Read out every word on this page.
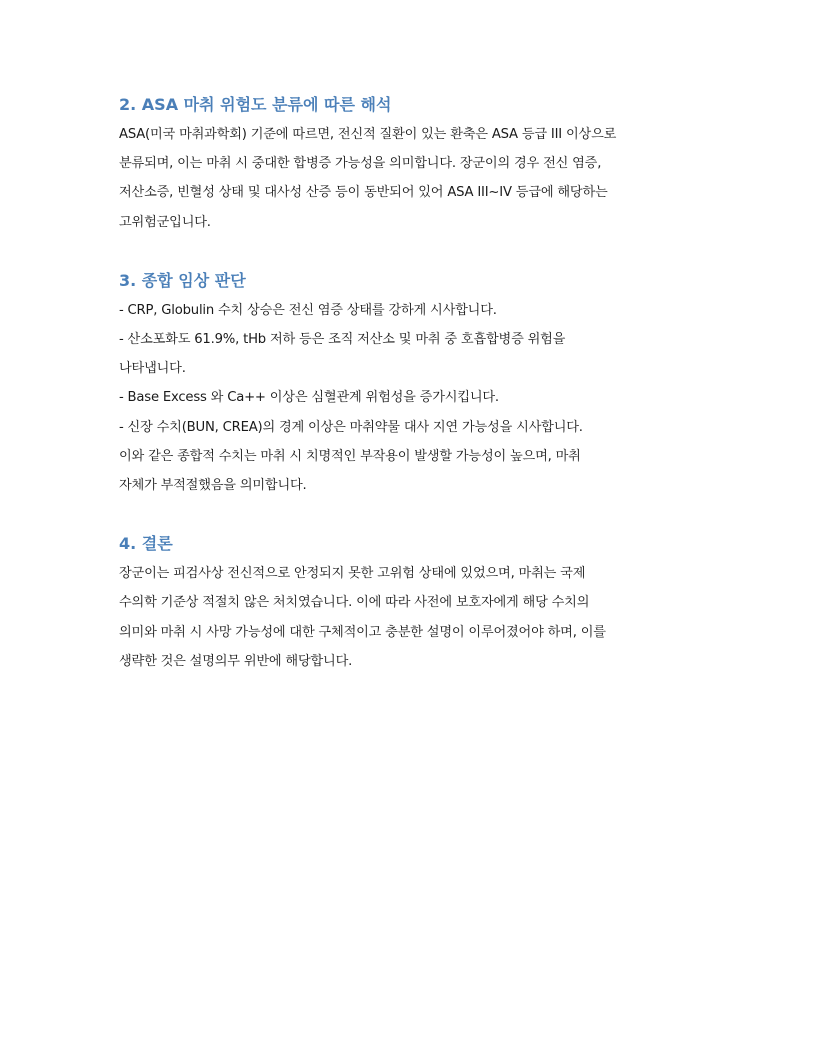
2. ASA 마취 위험도 분류에 따른 해석

ASA(미국 마취과학회) 기준에 따르면, 전신적 질환이 있는 환축은 ASA 등급 III 이상으로

분류되며, 이는 마취 시 중대한 합병증 가능성을 의미합니다. 장군이의 경우 전신 염증,

저산소증, 빈혈성 상태 및 대사성 산증 등이 동반되어 있어 ASA III~IV 등급에 해당하는

고위험군입니다.

3. 종합 임상 판단

- CRP, Globulin 수치 상승은 전신 염증 상태를 강하게 시사합니다.

- 산소포화도 61.9%, tHb 저하 등은 조직 저산소 및 마취 중 호흡합병증 위험을

나타냅니다.

- Base Excess 와 Ca++ 이상은 심혈관계 위험성을 증가시킵니다.

- 신장 수치(BUN, CREA)의 경계 이상은 마취약물 대사 지연 가능성을 시사합니다.

이와 같은 종합적 수치는 마취 시 치명적인 부작용이 발생할 가능성이 높으며, 마취

자체가 부적절했음을 의미합니다.

4. 결론

장군이는 피검사상 전신적으로 안정되지 못한 고위험 상태에 있었으며, 마취는 국제

수의학 기준상 적절치 않은 처치였습니다. 이에 따라 사전에 보호자에게 해당 수치의

의미와 마취 시 사망 가능성에 대한 구체적이고 충분한 설명이 이루어졌어야 하며, 이를

생략한 것은 설명의무 위반에 해당합니다.
